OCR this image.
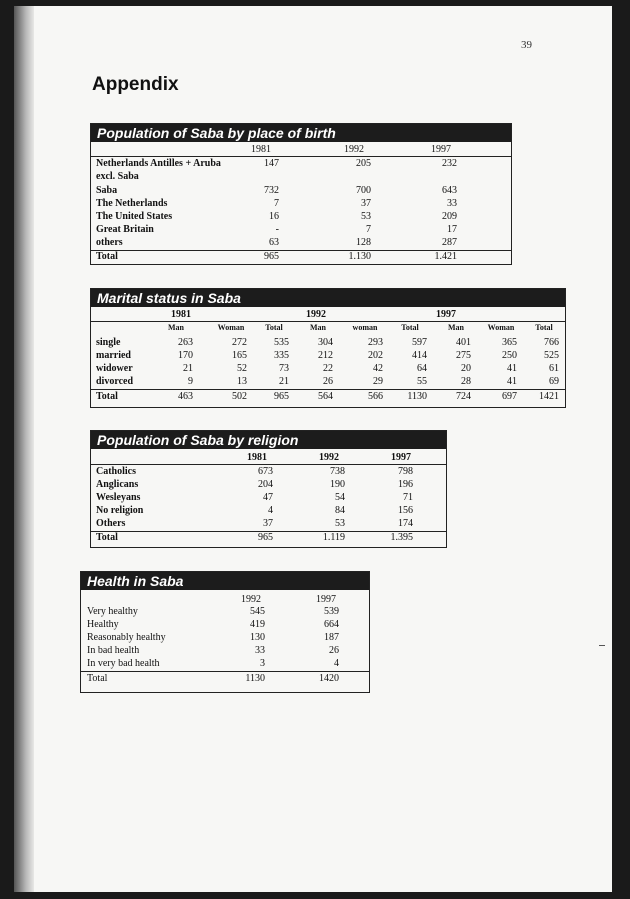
39
Appendix
Population of Saba by place of birth
1981	1992	1997
Netherlands Antilles + Aruba	147	205	232
excl. Saba
Saba	732	700	643
The Netherlands	7	37	33
The United States	16	53	209
Great Britain	-	7	17
others	63	128	287
Total	965	1.130	1.421
Marital status in Saba
1981	1992	1997
Man	Woman	Total	Man	woman	Total	Man	Woman	Total
single	263	272	535	304	293	597	401	365	766
married	170	165	335	212	202	414	275	250	525
widower	21	52	73	22	42	64	20	41	61
divorced	9	13	21	26	29	55	28	41	69
Total	463	502	965	564	566	1130	724	697	1421
Population of Saba by religion
1981	1992	1997
Catholics	673	738	798
Anglicans	204	190	196
Wesleyans	47	54	71
No religion	4	84	156
Others	37	53	174
Total	965	1.119	1.395
Health in Saba
1992	1997
Very healthy	545	539
Healthy	419	664
Reasonably healthy	130	187
In bad health	33	26
In very bad health	3	4
Total	1130	1420
